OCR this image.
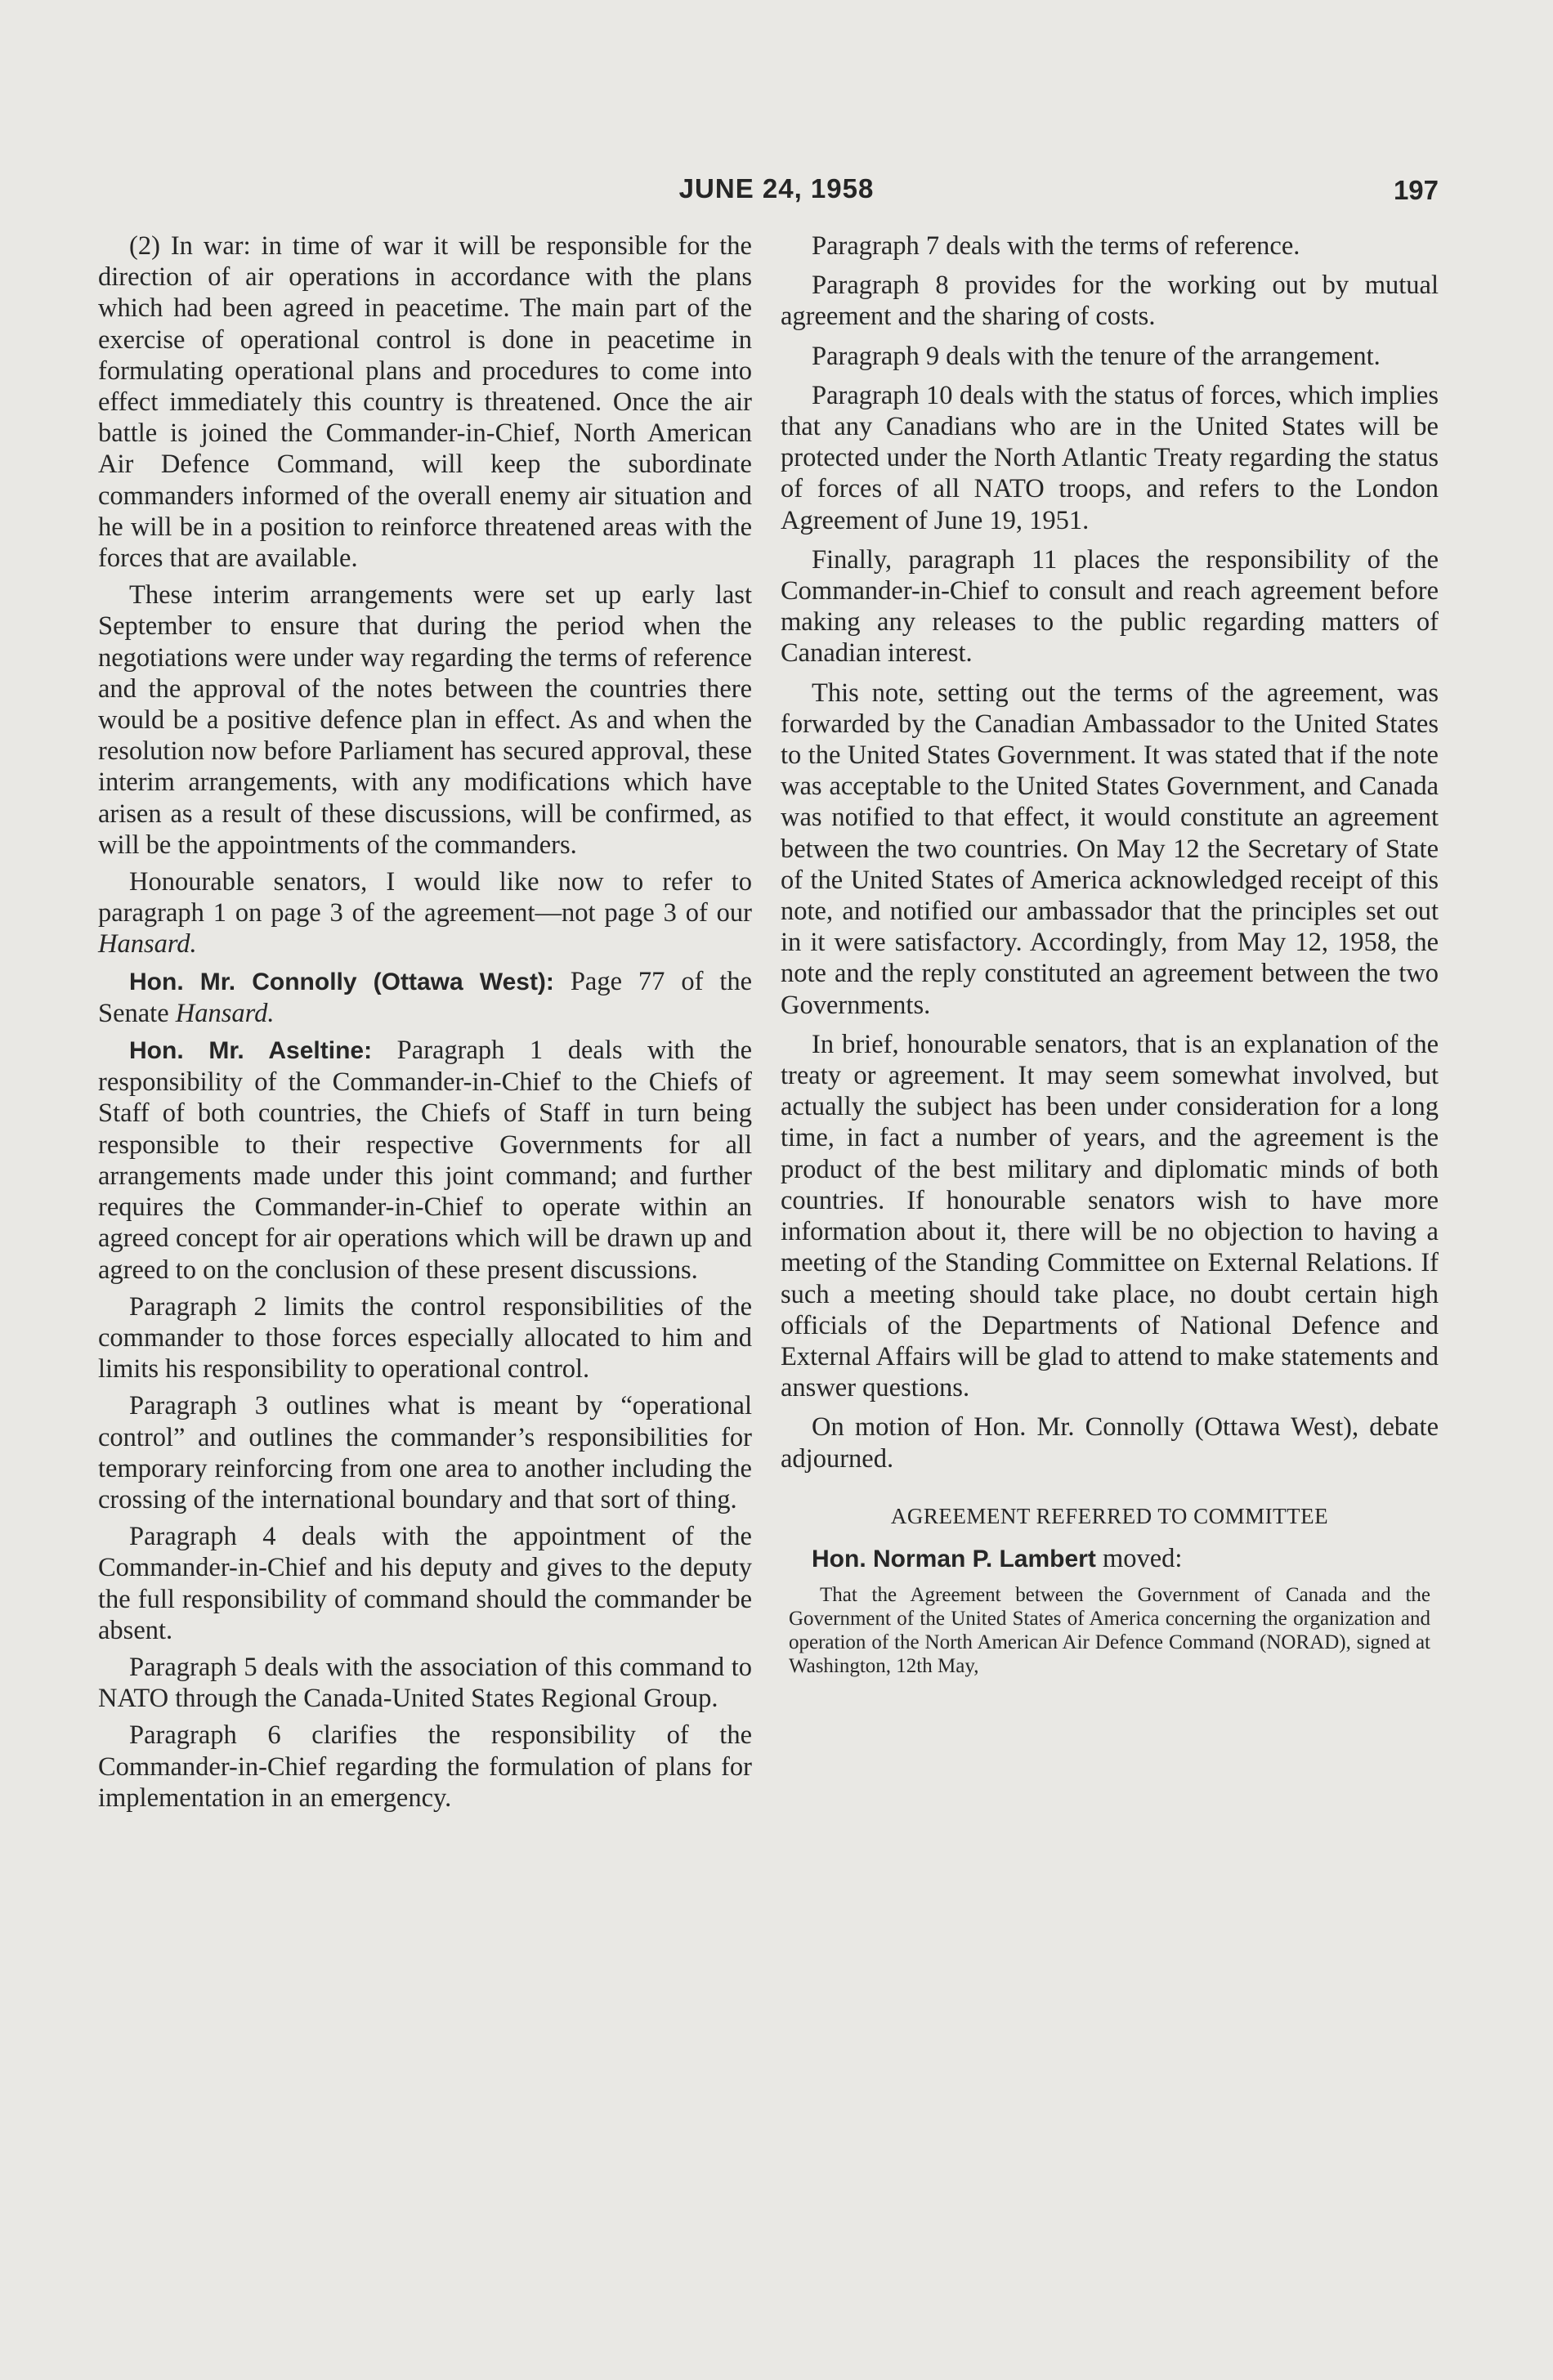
JUNE 24, 1958	197

(2) In war: in time of war it will be responsible for the direction of air operations in accordance with the plans which had been agreed in peacetime. The main part of the exercise of operational control is done in peacetime in formulating operational plans and procedures to come into effect immediately this country is threatened. Once the air battle is joined the Commander-in-Chief, North American Air Defence Command, will keep the subordinate commanders informed of the overall enemy air situation and he will be in a position to reinforce threatened areas with the forces that are available.

These interim arrangements were set up early last September to ensure that during the period when the negotiations were under way regarding the terms of reference and the approval of the notes between the countries there would be a positive defence plan in effect. As and when the resolution now before Parliament has secured approval, these interim arrangements, with any modifications which have arisen as a result of these discussions, will be confirmed, as will be the appointments of the commanders.

Honourable senators, I would like now to refer to paragraph 1 on page 3 of the agreement—not page 3 of our Hansard.

Hon. Mr. Connolly (Ottawa West): Page 77 of the Senate Hansard.

Hon. Mr. Aseltine: Paragraph 1 deals with the responsibility of the Commander-in-Chief to the Chiefs of Staff of both countries, the Chiefs of Staff in turn being responsible to their respective Governments for all arrangements made under this joint command; and further requires the Commander-in-Chief to operate within an agreed concept for air operations which will be drawn up and agreed to on the conclusion of these present discussions.

Paragraph 2 limits the control responsibilities of the commander to those forces especially allocated to him and limits his responsibility to operational control.

Paragraph 3 outlines what is meant by “operational control” and outlines the commander’s responsibilities for temporary reinforcing from one area to another including the crossing of the international boundary and that sort of thing.

Paragraph 4 deals with the appointment of the Commander-in-Chief and his deputy and gives to the deputy the full responsibility of command should the commander be absent.

Paragraph 5 deals with the association of this command to NATO through the Canada-United States Regional Group.

Paragraph 6 clarifies the responsibility of the Commander-in-Chief regarding the formulation of plans for implementation in an emergency.

Paragraph 7 deals with the terms of reference.

Paragraph 8 provides for the working out by mutual agreement and the sharing of costs.

Paragraph 9 deals with the tenure of the arrangement.

Paragraph 10 deals with the status of forces, which implies that any Canadians who are in the United States will be protected under the North Atlantic Treaty regarding the status of forces of all NATO troops, and refers to the London Agreement of June 19, 1951.

Finally, paragraph 11 places the responsibility of the Commander-in-Chief to consult and reach agreement before making any releases to the public regarding matters of Canadian interest.

This note, setting out the terms of the agreement, was forwarded by the Canadian Ambassador to the United States to the United States Government. It was stated that if the note was acceptable to the United States Government, and Canada was notified to that effect, it would constitute an agreement between the two countries. On May 12 the Secretary of State of the United States of America acknowledged receipt of this note, and notified our ambassador that the principles set out in it were satisfactory. Accordingly, from May 12, 1958, the note and the reply constituted an agreement between the two Governments.

In brief, honourable senators, that is an explanation of the treaty or agreement. It may seem somewhat involved, but actually the subject has been under consideration for a long time, in fact a number of years, and the agreement is the product of the best military and diplomatic minds of both countries. If honourable senators wish to have more information about it, there will be no objection to having a meeting of the Standing Committee on External Relations. If such a meeting should take place, no doubt certain high officials of the Departments of National Defence and External Affairs will be glad to attend to make statements and answer questions.

On motion of Hon. Mr. Connolly (Ottawa West), debate adjourned.

AGREEMENT REFERRED TO COMMITTEE

Hon. Norman P. Lambert moved:

That the Agreement between the Government of Canada and the Government of the United States of America concerning the organization and operation of the North American Air Defence Command (NORAD), signed at Washington, 12th May,
